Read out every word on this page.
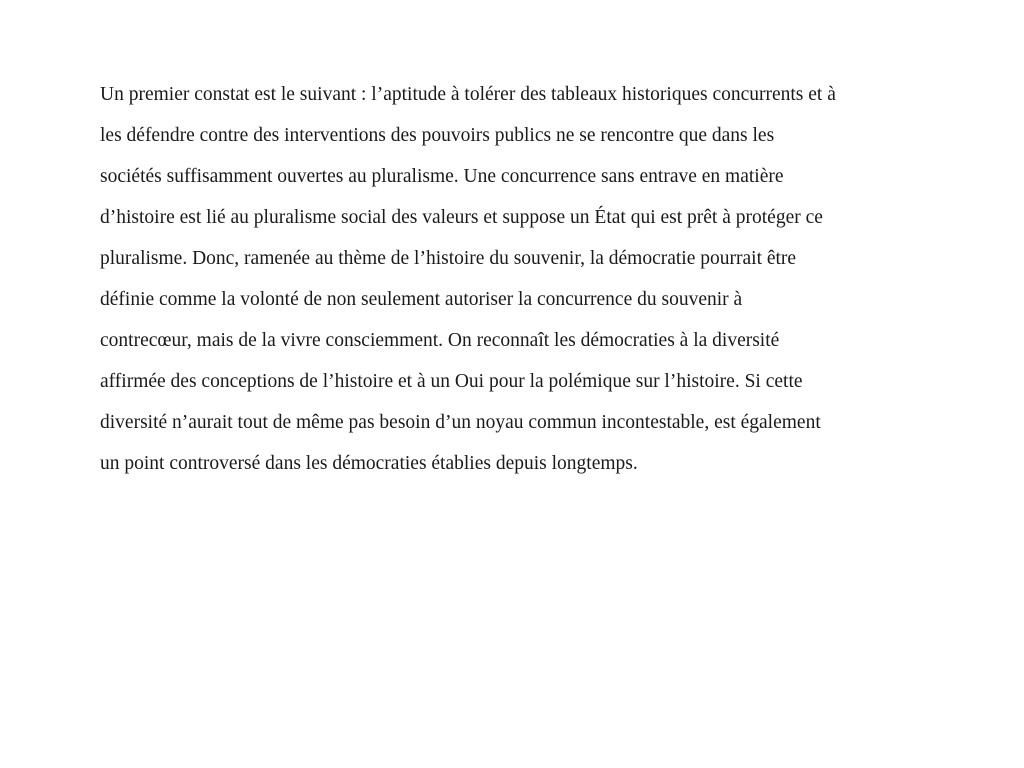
Un premier constat est le suivant : l’aptitude à tolérer des tableaux historiques concurrents et à
les défendre contre des interventions des pouvoirs publics ne se rencontre que dans les
sociétés suffisamment ouvertes au pluralisme. Une concurrence sans entrave en matière
d’histoire est lié au pluralisme social des valeurs et suppose un État qui est prêt à protéger ce
pluralisme. Donc, ramenée au thème de l’histoire du souvenir, la démocratie pourrait être
définie comme la volonté de non seulement autoriser la concurrence du souvenir à
contrecœur, mais de la vivre consciemment. On reconnaît les démocraties à la diversité
affirmée des conceptions de l’histoire et à un Oui pour la polémique sur l’histoire. Si cette
diversité n’aurait tout de même pas besoin d’un noyau commun incontestable, est également
un point controversé dans les démocraties établies depuis longtemps.
